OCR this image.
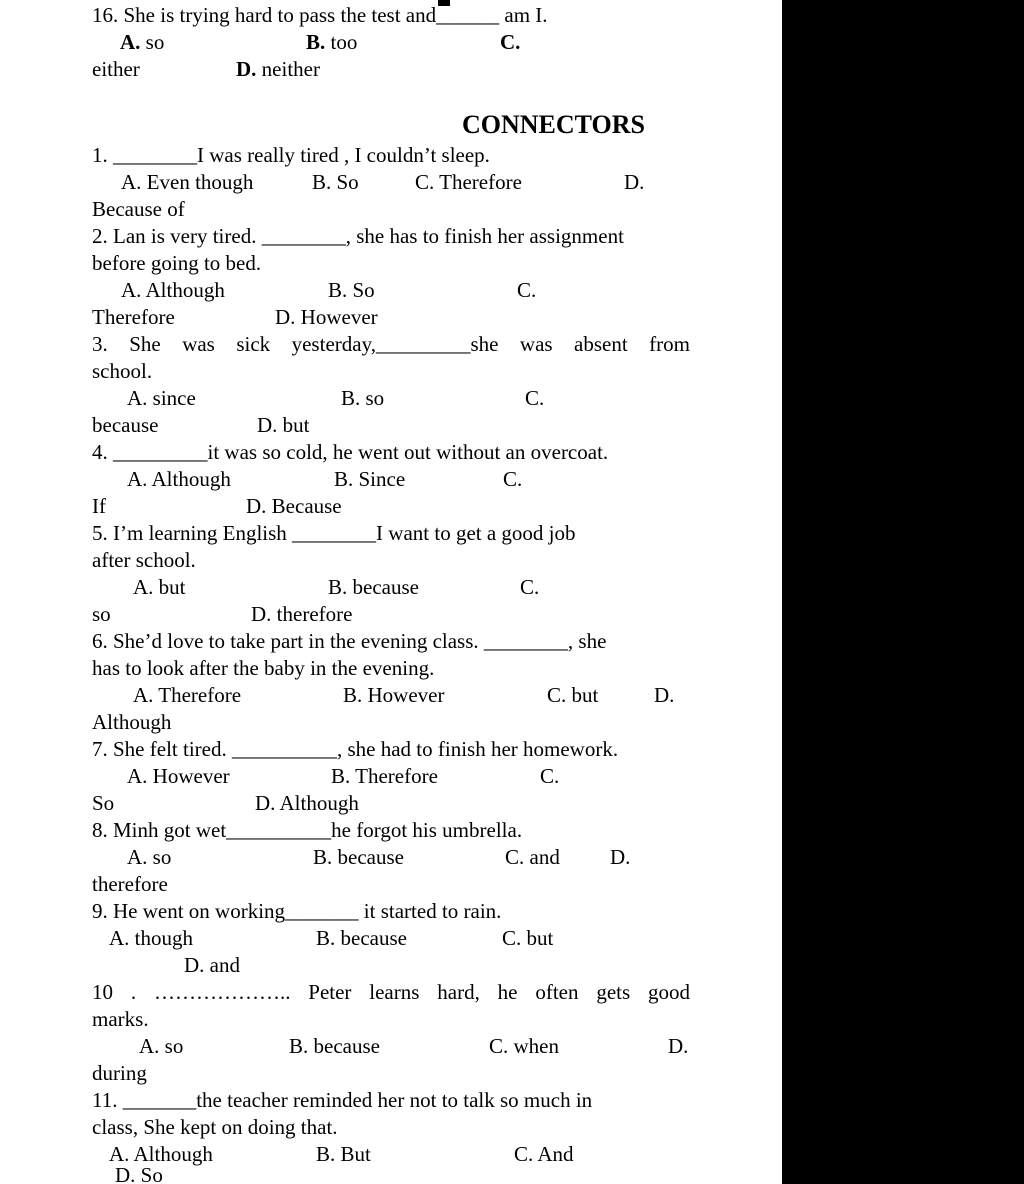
16. She is trying hard to pass the test and______ am I.
A. so	B. too	C.
either	D. neither
CONNECTORS
1. ________I was really tired , I couldn’t sleep.
A. Even though	B. So	C. Therefore	D.
Because of
2. Lan is very tired. ________, she has to finish her assignment
before going to bed.
A. Although	B. So	C.
Therefore	D. However
3. She was sick yesterday,_________she was absent from
school.
A. since	B. so	C.
because	D. but
4. _________it was so cold, he went out without an overcoat.
A. Although	B. Since	C.
If	D. Because
5. I’m learning English ________I want to get a good job
after school.
A. but	B. because	C.
so	D. therefore
6. She’d love to take part in the evening class. ________, she
has to look after the baby in the evening.
A. Therefore	B. However	C. but	D.
Although
7. She felt tired. __________, she had to finish her homework.
A. However	B. Therefore	C.
So	D. Although
8. Minh got wet__________he forgot his umbrella.
A. so	B. because	C. and D.
therefore
9. He went on working_______ it started to rain.
A. though	B. because	C. but
D. and
10 . ……………….. Peter learns hard, he often gets good
marks.
A. so	B. because	C. when	D.
during
11. _______the teacher reminded her not to talk so much in
class, She kept on doing that.
A. Although	B. But	C. And
D. So
